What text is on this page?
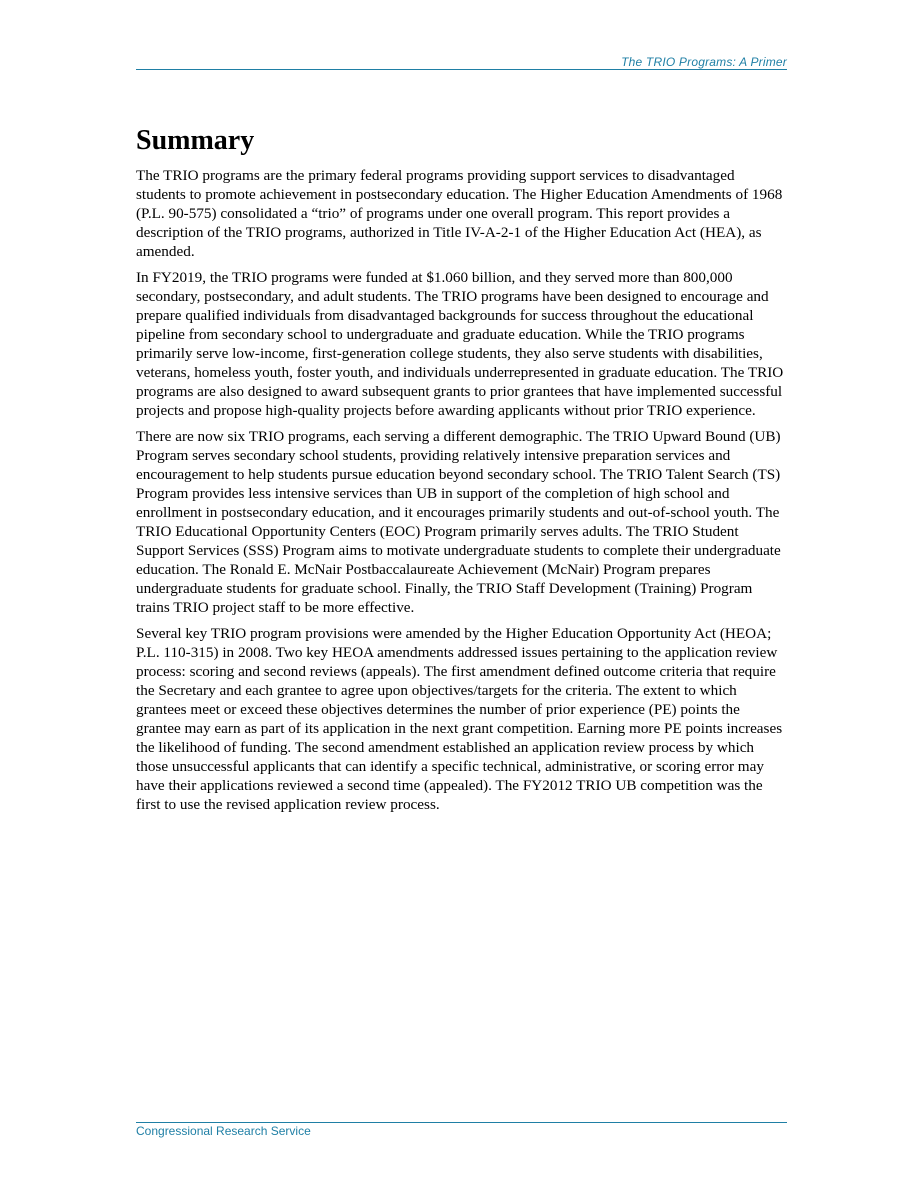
The TRIO Programs: A Primer
Summary

The TRIO programs are the primary federal programs providing support services to disadvantaged students to promote achievement in postsecondary education. The Higher Education Amendments of 1968 (P.L. 90-575) consolidated a “trio” of programs under one overall program. This report provides a description of the TRIO programs, authorized in Title IV-A-2-1 of the Higher Education Act (HEA), as amended.

In FY2019, the TRIO programs were funded at $1.060 billion, and they served more than 800,000 secondary, postsecondary, and adult students. The TRIO programs have been designed to encourage and prepare qualified individuals from disadvantaged backgrounds for success throughout the educational pipeline from secondary school to undergraduate and graduate education. While the TRIO programs primarily serve low-income, first-generation college students, they also serve students with disabilities, veterans, homeless youth, foster youth, and individuals underrepresented in graduate education. The TRIO programs are also designed to award subsequent grants to prior grantees that have implemented successful projects and propose high-quality projects before awarding applicants without prior TRIO experience.

There are now six TRIO programs, each serving a different demographic. The TRIO Upward Bound (UB) Program serves secondary school students, providing relatively intensive preparation services and encouragement to help students pursue education beyond secondary school. The TRIO Talent Search (TS) Program provides less intensive services than UB in support of the completion of high school and enrollment in postsecondary education, and it encourages primarily students and out-of-school youth. The TRIO Educational Opportunity Centers (EOC) Program primarily serves adults. The TRIO Student Support Services (SSS) Program aims to motivate undergraduate students to complete their undergraduate education. The Ronald E. McNair Postbaccalaureate Achievement (McNair) Program prepares undergraduate students for graduate school. Finally, the TRIO Staff Development (Training) Program trains TRIO project staff to be more effective.

Several key TRIO program provisions were amended by the Higher Education Opportunity Act (HEOA; P.L. 110-315) in 2008. Two key HEOA amendments addressed issues pertaining to the application review process: scoring and second reviews (appeals). The first amendment defined outcome criteria that require the Secretary and each grantee to agree upon objectives/targets for the criteria. The extent to which grantees meet or exceed these objectives determines the number of prior experience (PE) points the grantee may earn as part of its application in the next grant competition. Earning more PE points increases the likelihood of funding. The second amendment established an application review process by which those unsuccessful applicants that can identify a specific technical, administrative, or scoring error may have their applications reviewed a second time (appealed). The FY2012 TRIO UB competition was the first to use the revised application review process.

Congressional Research Service
